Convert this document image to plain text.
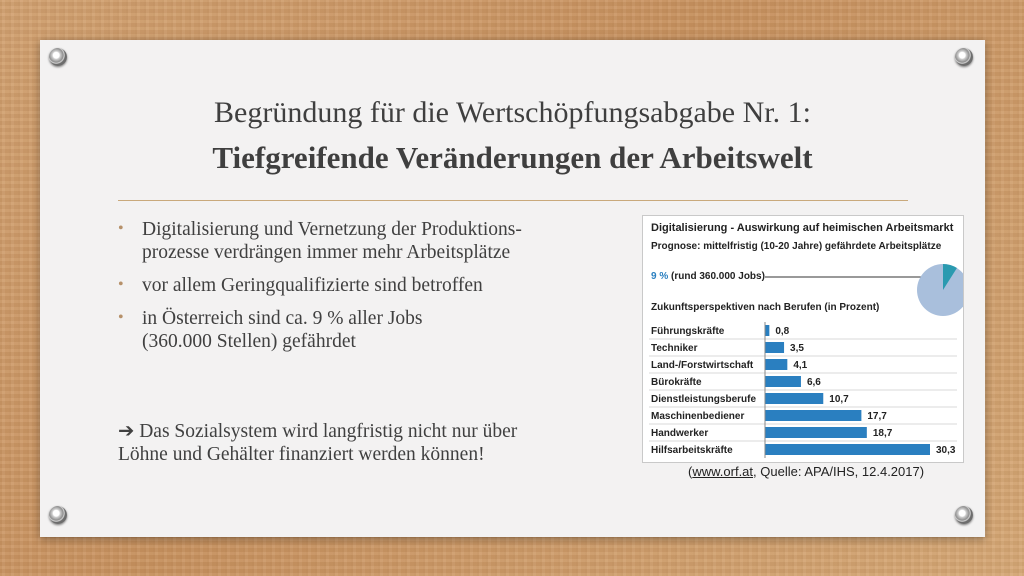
Begründung für die Wertschöpfungsabgabe Nr. 1:
Tiefgreifende Veränderungen der Arbeitswelt
• Digitalisierung und Vernetzung der Produktions-
prozesse verdrängen immer mehr Arbeitsplätze
• vor allem Geringqualifizierte sind betroffen
• in Österreich sind ca. 9 % aller Jobs
(360.000 Stellen) gefährdet
➔ Das Sozialsystem wird langfristig nicht nur über
Löhne und Gehälter finanziert werden können!
Digitalisierung - Auswirkung auf heimischen Arbeitsmarkt
Prognose: mittelfristig (10-20 Jahre) gefährdete Arbeitsplätze
9 % (rund 360.000 Jobs)
Zukunftsperspektiven nach Berufen (in Prozent)
Führungskräfte	0,8
Techniker	3,5
Land-/Forstwirtschaft	4,1
Bürokräfte	6,6
Dienstleistungsberufe	10,7
Maschinenbediener	17,7
Handwerker	18,7
Hilfsarbeitskräfte	30,3
(www.orf.at, Quelle: APA/IHS, 12.4.2017)
